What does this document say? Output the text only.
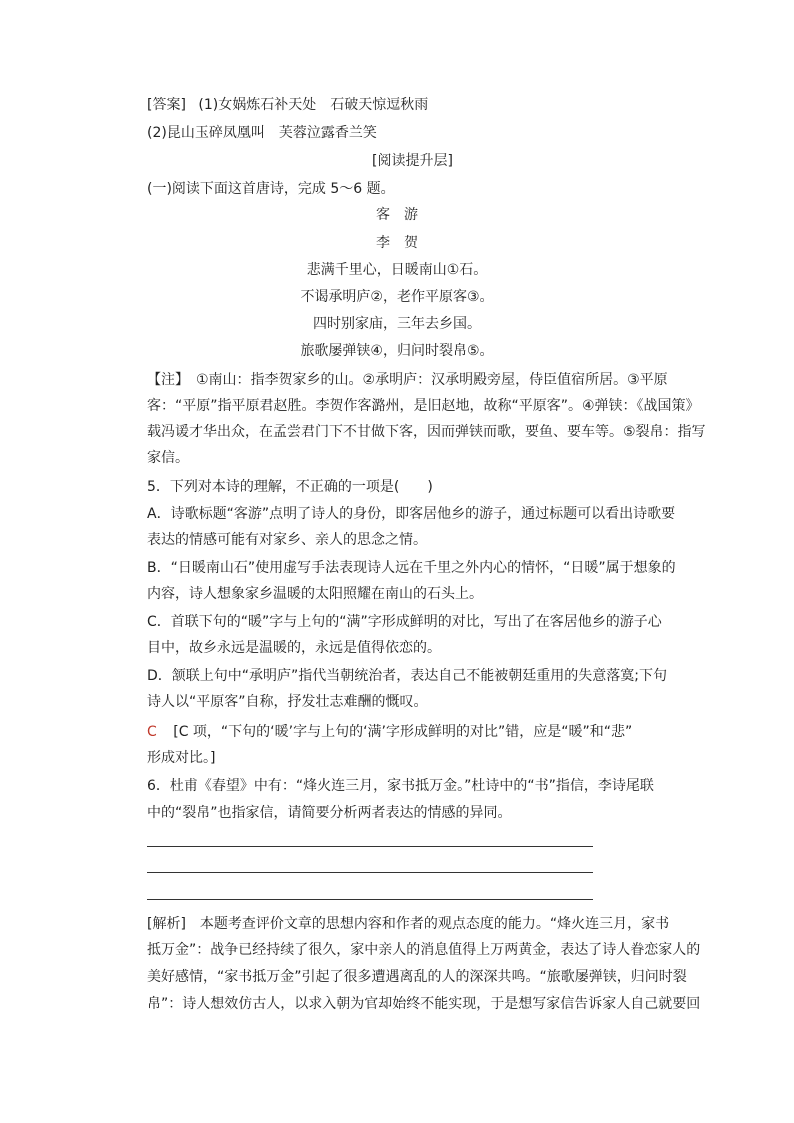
[答案] (1)女娲炼石补天处　石破天惊逗秋雨
(2)昆山玉碎凤凰叫　芙蓉泣露香兰笑
[阅读提升层]
(一)阅读下面这首唐诗，完成 5～6 题。
客　游
李　贺
悲满千里心，日暖南山①石。
不谒承明庐②，老作平原客③。
四时别家庙，三年去乡国。
旅歌屡弹铗④，归问时裂帛⑤。
【注】　①南山：指李贺家乡的山。②承明庐：汉承明殿旁屋，侍臣值宿所居。③平原
客：“平原”指平原君赵胜。李贺作客潞州，是旧赵地，故称“平原客”。④弹铗：《战国策》
载冯谖才华出众，在孟尝君门下不甘做下客，因而弹铗而歌，要鱼、要车等。⑤裂帛：指写
家信。
5．下列对本诗的理解，不正确的一项是(　　)
A．诗歌标题“客游”点明了诗人的身份，即客居他乡的游子，通过标题可以看出诗歌要
表达的情感可能有对家乡、亲人的思念之情。
B．“日暖南山石”使用虚写手法表现诗人远在千里之外内心的情怀，“日暖”属于想象的
内容，诗人想象家乡温暖的太阳照耀在南山的石头上。
C．首联下句的“暖”字与上句的“满”字形成鲜明的对比，写出了在客居他乡的游子心
目中，故乡永远是温暖的，永远是值得依恋的。
D．颔联上句中“承明庐”指代当朝统治者，表达自己不能被朝廷重用的失意落寞;下句
诗人以“平原客”自称，抒发壮志难酬的慨叹。
C [C 项，“下句的‘暖’字与上句的‘满’字形成鲜明的对比”错，应是“暖”和“悲”
形成对比。]
6．杜甫《春望》中有：“烽火连三月，家书抵万金。”杜诗中的“书”指信，李诗尾联
中的“裂帛”也指家信，请简要分析两者表达的情感的异同。
[解析]　本题考查评价文章的思想内容和作者的观点态度的能力。“烽火连三月，家书
抵万金”：战争已经持续了很久，家中亲人的消息值得上万两黄金，表达了诗人眷恋家人的
美好感情，“家书抵万金”引起了很多遭遇离乱的人的深深共鸣。“旅歌屡弹铗，归问时裂
帛”：诗人想效仿古人，以求入朝为官却始终不能实现，于是想写家信告诉家人自己就要回
